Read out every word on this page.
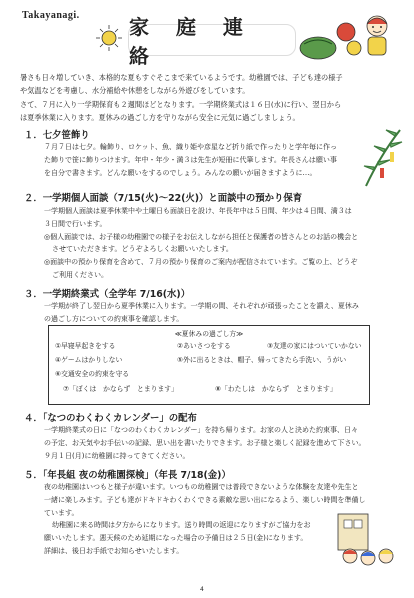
Takayanagi. 家 庭 連 絡

暑さも日々増していき、本格的な夏もすぐそこまで来ているようです。幼稚園では、子ども達の様子

や気温などを考慮し、水分補給や休憩をしながら外遊びをしています。

さて、７月に入り一学期保育も２週間ほどとなります。一学期終業式は１６日(水)に行い、翌日から

は夏季休業に入ります。夏休みの過ごし方を守りながら安全に元気に過ごしましょう。

１．七夕笹飾り

７月７日は七夕。輪飾り、ロケット、魚、織り姫や彦星など折り紙で作ったりと学年毎に作っ

た飾りで笹に飾りつけます。年中・年少・満３は先生が短冊に代筆します。年長さんは願い事

を自分で書きます。どんな願いをするのでしょう。みんなの願いが届きますように…。

２．一学期個人面談（7/15(火)～22(火)）と面談中の預かり保育

一学期個人面談は夏季休業中や土曜日も面談日を設け、年長年中は５日間、年少は４日間、満３は

３日間で行います。

◎個人面談では、お子様の幼稚園での様子をお伝えしながら担任と保護者の皆さんとのお話の機会と

させていただきます。どうぞよろしくお願いいたします。

◎面談中の預かり保育を含めて、７月の預かり保育のご案内が配信されています。ご覧の上、どうぞ

ご利用ください。

３．一学期終業式（全学年 7/16(水)）

一学期が終了し翌日から夏季休業に入ります。一学期の間、それぞれが頑張ったことを讃え、夏休み

の過ごし方についての約束事を確認します。

≪夏休みの過ごし方≫
①早寝早起きをする	②あいさつをする	③友達の家にはついていかない
④ゲームはかりしない	⑤外に出るときは、帽子、帰ってきたら手洗い、うがい
⑥交通安全の約束を守る
⑦「ぼくは　かならず　とまります」	⑧「わたしは　かならず　とまります」
４．「なつのわくわくカレンダー」の配布

一学期終業式の日に「なつのわくわくカレンダー」を持ち帰ります。お家の人と決めた約束事、日々

の予定、お天気やお手伝いの記録、思い出を書いたりできます。お子様と楽しく記録を進めて下さい。

９月１日(月)に幼稚園に持ってきてください。

５．「年長組 夜の幼稚園探検」（年長 7/18(金)）

夜の幼稚園はいつもと様子が違います。いつもの幼稚園では普段できないような体験を友達や先生と

一緒に楽しみます。子ども達がドキドキわくわくできる素敵な思い出になるよう、楽しい時間を準備し

ています。

幼稚園に来る時間は夕方からになります。送り時間の返迎になりますがご協力をお

願いいたします。悪天候のため延期になった場合の予備日は２５日(金)になります。

詳細は、後日お手紙でお知らせいたします。

4
